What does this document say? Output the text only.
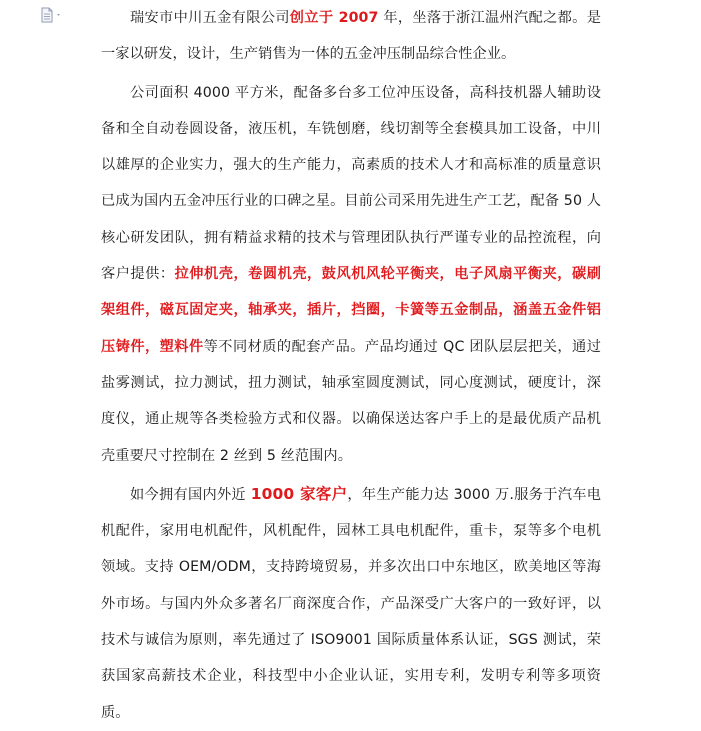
瑞安市中川五金有限公司创立于 2007 年，坐落于浙江温州汽配之都。是一家以研发，设计，生产销售为一体的五金冲压制品综合性企业。

公司面积 4000 平方米，配备多台多工位冲压设备，高科技机器人辅助设备和全自动卷圆设备，液压机，车铣刨磨，线切割等全套模具加工设备，中川以雄厚的企业实力，强大的生产能力，高素质的技术人才和高标准的质量意识已成为国内五金冲压行业的口碑之星。目前公司采用先进生产工艺，配备 50 人核心研发团队，拥有精益求精的技术与管理团队执行严谨专业的品控流程，向客户提供：拉伸机壳，卷圆机壳，鼓风机风轮平衡夹，电子风扇平衡夹，碳刷架组件，磁瓦固定夹，轴承夹，插片，挡圈，卡簧等五金制品，涵盖五金件铝压铸件，塑料件等不同材质的配套产品。产品均通过 QC 团队层层把关，通过盐雾测试，拉力测试，扭力测试，轴承室圆度测试，同心度测试，硬度计，深度仪，通止规等各类检验方式和仪器。以确保送达客户手上的是最优质产品机壳重要尺寸控制在 2 丝到 5 丝范围内。

如今拥有国内外近 1000 家客户，年生产能力达 3000 万.服务于汽车电机配件，家用电机配件，风机配件，园林工具电机配件，重卡，泵等多个电机领域。支持 OEM/ODM，支持跨境贸易，并多次出口中东地区，欧美地区等海外市场。与国内外众多著名厂商深度合作，产品深受广大客户的一致好评，以技术与诚信为原则，率先通过了 ISO9001 国际质量体系认证，SGS 测试，荣获国家高薪技术企业，科技型中小企业认证，实用专利，发明专利等多项资质。
